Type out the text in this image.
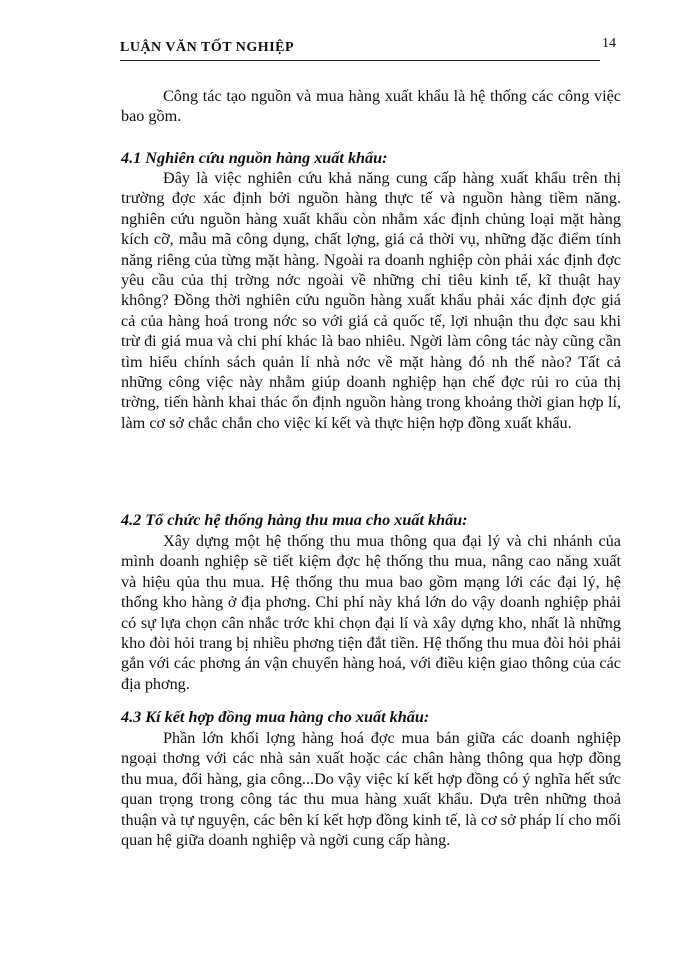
LUẬN VĂN TỐT NGHIỆP	14

Công tác tạo nguồn và mua hàng xuất khẩu là hệ thống các công việc bao gồm.

4.1 Nghiên cứu nguồn hàng xuất khẩu:

Đây là việc nghiên cứu khả năng cung cấp hàng xuất khẩu trên thị trường đợc xác định bởi nguồn hàng thực tế và nguồn hàng tiềm năng. nghiên cứu nguồn hàng xuất khẩu còn nhằm xác định chủng loại mặt hàng kích cỡ, mẫu mã công dụng, chất lợng, giá cả thời vụ, những đặc điểm tính năng riêng của từng mặt hàng. Ngoài ra doanh nghiệp còn phải xác định đợc yêu cầu của thị trờng nớc ngoài về những chỉ tiêu kinh tế, kĩ thuật hay không? Đồng thời nghiên cứu nguồn hàng xuất khẩu phải xác định đợc giá cả của hàng hoá trong nớc so với giá cả quốc tế, lợi nhuận thu đợc sau khi trừ đi giá mua và chi phí khác là bao nhiêu. Ngời làm công tác này cũng cần tìm hiểu chính sách quản lí nhà nớc về mặt hàng đó nh thế nào? Tất cả những công việc này nhằm giúp doanh nghiệp hạn chế đợc rủi ro của thị trờng, tiến hành khai thác ổn định nguồn hàng trong khoảng thời gian hợp lí, làm cơ sở chắc chắn cho việc kí kết và thực hiện hợp đồng xuất khẩu.

4.2 Tổ chức hệ thống hàng thu mua cho xuất khẩu:

Xây dựng một hệ thống thu mua thông qua đại lý và chi nhánh của mình doanh nghiệp sẽ tiết kiệm đợc hệ thống thu mua, nâng cao năng xuất và hiệu qủa thu mua. Hệ thống thu mua bao gồm mạng lới các đại lý, hệ thống kho hàng ở địa phơng. Chi phí này khá lớn do vậy doanh nghiệp phải có sự lựa chọn cân nhắc trớc khi chọn đại lí và xây dựng kho, nhất là những kho đòi hỏi trang bị nhiều phơng tiện đắt tiền. Hệ thống thu mua đòi hỏi phải gắn với các phơng án vận chuyển hàng hoá, với điều kiện giao thông của các địa phơng.

4.3 Kí kết hợp đồng mua hàng cho xuất khẩu:

Phần lớn khối lợng hàng hoá đợc mua bán giữa các doanh nghiệp ngoại thơng với các nhà sản xuất hoặc các chân hàng thông qua hợp đồng thu mua, đổi hàng, gia công...Do vậy việc kí kết hợp đồng có ý nghĩa hết sức quan trọng trong công tác thu mua hàng xuất khẩu. Dựa trên những thoả thuận và tự nguyện, các bên kí kết hợp đồng kinh tế, là cơ sở pháp lí cho mối quan hệ giữa doanh nghiệp và ngời cung cấp hàng.
